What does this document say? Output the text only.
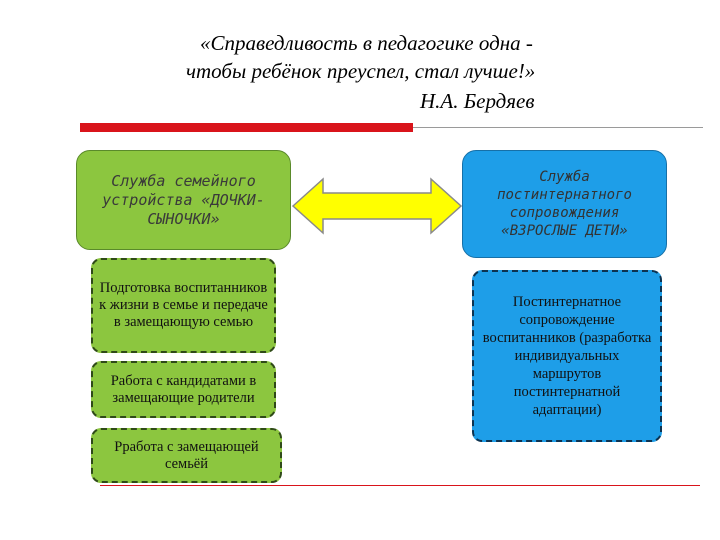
«Справедливость в педагогике одна -
чтобы ребёнок преуспел, стал лучше!»
Н.А. Бердяев
Служба семейного устройства «ДОЧКИ-СЫНОЧКИ»
Служба постинтернатного сопровождения «ВЗРОСЛЫЕ ДЕТИ»
Подготовка воспитанников к жизни в семье и передаче в замещающую семью
Работа с кандидатами в замещающие родители
Рработа с замещающей семьёй
Постинтернатное сопровождение воспитанников (разработка индивидуальных маршрутов постинтернатной адаптации)
